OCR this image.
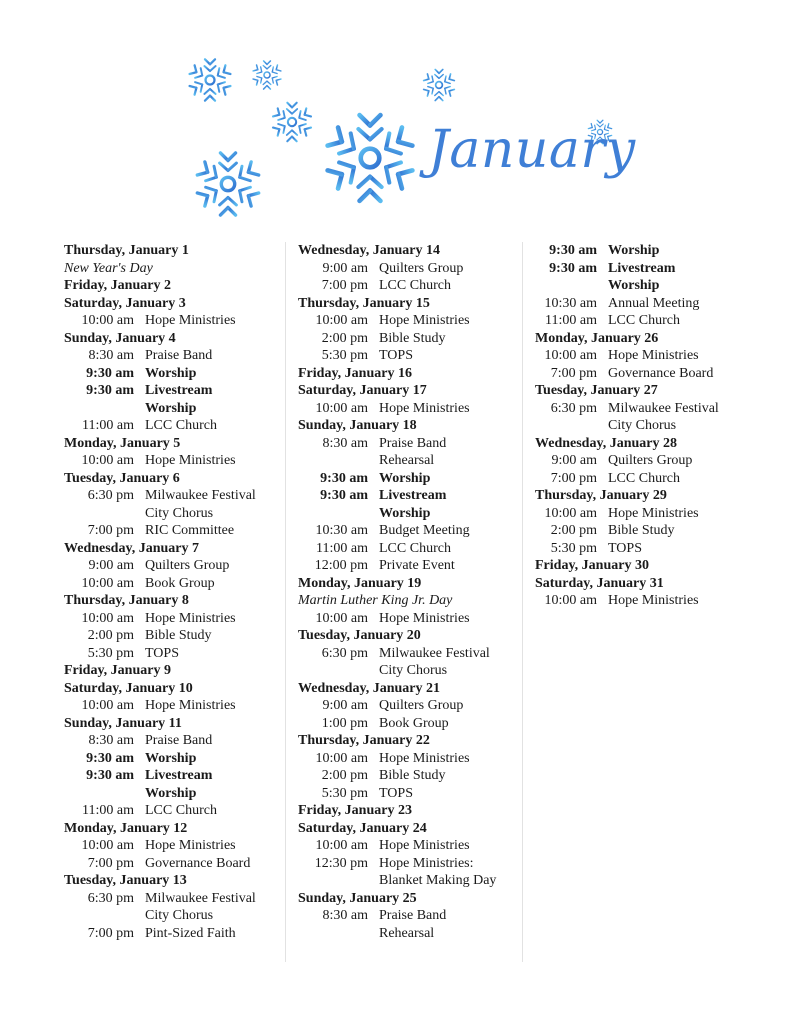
January
Thursday, January 1
New Year's Day
Friday, January 2
Saturday, January 3
10:00 am Hope Ministries
Sunday, January 4
8:30 am Praise Band
9:30 am Worship
9:30 am Livestream
Worship
11:00 am LCC Church
Monday, January 5
10:00 am Hope Ministries
Tuesday, January 6
6:30 pm Milwaukee Festival
City Chorus
7:00 pm RIC Committee
Wednesday, January 7
9:00 am Quilters Group
10:00 am Book Group
Thursday, January 8
10:00 am Hope Ministries
2:00 pm Bible Study
5:30 pm TOPS
Friday, January 9
Saturday, January 10
10:00 am Hope Ministries
Sunday, January 11
8:30 am Praise Band
9:30 am Worship
9:30 am Livestream
Worship
11:00 am LCC Church
Monday, January 12
10:00 am Hope Ministries
7:00 pm Governance Board
Tuesday, January 13
6:30 pm Milwaukee Festival
City Chorus
7:00 pm Pint-Sized Faith
Wednesday, January 14
9:00 am Quilters Group
7:00 pm LCC Church
Thursday, January 15
10:00 am Hope Ministries
2:00 pm Bible Study
5:30 pm TOPS
Friday, January 16
Saturday, January 17
10:00 am Hope Ministries
Sunday, January 18
8:30 am Praise Band
Rehearsal
9:30 am Worship
9:30 am Livestream
Worship
10:30 am Budget Meeting
11:00 am LCC Church
12:00 pm Private Event
Monday, January 19
Martin Luther King Jr. Day
10:00 am Hope Ministries
Tuesday, January 20
6:30 pm Milwaukee Festival
City Chorus
Wednesday, January 21
9:00 am Quilters Group
1:00 pm Book Group
Thursday, January 22
10:00 am Hope Ministries
2:00 pm Bible Study
5:30 pm TOPS
Friday, January 23
Saturday, January 24
10:00 am Hope Ministries
12:30 pm Hope Ministries:
Blanket Making Day
Sunday, January 25
8:30 am Praise Band
Rehearsal
9:30 am Worship
9:30 am Livestream
Worship
10:30 am Annual Meeting
11:00 am LCC Church
Monday, January 26
10:00 am Hope Ministries
7:00 pm Governance Board
Tuesday, January 27
6:30 pm Milwaukee Festival
City Chorus
Wednesday, January 28
9:00 am Quilters Group
7:00 pm LCC Church
Thursday, January 29
10:00 am Hope Ministries
2:00 pm Bible Study
5:30 pm TOPS
Friday, January 30
Saturday, January 31
10:00 am Hope Ministries
